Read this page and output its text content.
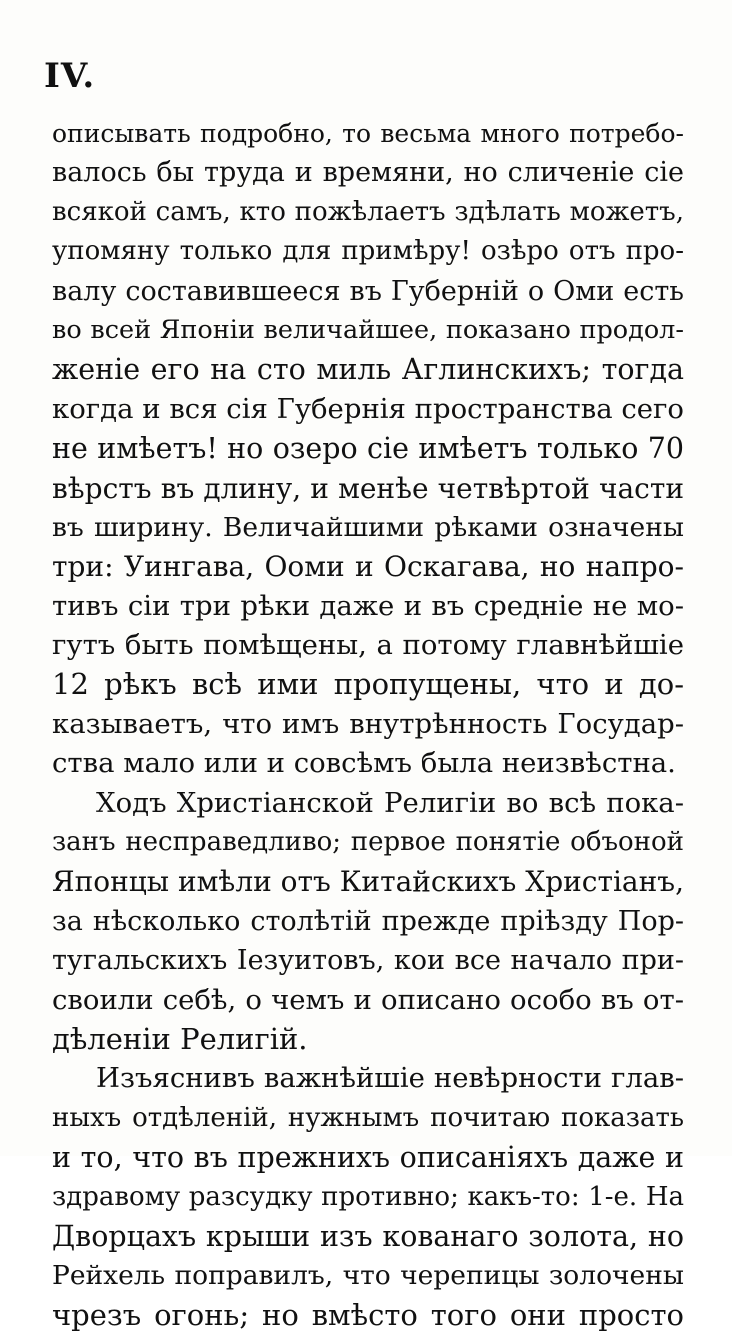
IV.
описывать подробно, то весьма много потребо-
валось бы труда и времяни, но сличеніе сіе
всякой самъ, кто пожѣлаетъ здѣлать можетъ,
упомяну только для примѣру! озѣро отъ про-
валу составившееся въ Губерній о Оми есть
во всей Японіи величайшее, показано продол-
женіе его на сто миль Аглинскихъ; тогда
когда и вся сія Губернія пространства сего
не имѣетъ! но озеро сіе имѣетъ только 70
вѣрстъ въ длину, и менѣе четвѣртой части
въ ширину. Величайшими рѣками означены
три: Уингава, Ооми и Оскагава, но напро-
тивъ сіи три рѣки даже и въ средніе не мо-
гутъ быть помѣщены, а потому главнѣйшіе
12 рѣкъ всѣ ими пропущены, что и до-
казываетъ, что имъ внутрѣнность Государ-
ства мало или и совсѣмъ была неизвѣстна.
Ходъ Христіанской Религіи во всѣ пока-
занъ несправедливо; первое понятіе объоной
Японцы имѣли отъ Китайскихъ Христіанъ,
за нѣсколько столѣтій прежде пріѣзду Пор-
тугальскихъ Іезуитовъ, кои все начало при-
своили себѣ, о чемъ и описано особо въ от-
дѣленіи Религій.
Изъяснивъ важнѣйшіе невѣрности глав-
ныхъ отдѣленій, нужнымъ почитаю показать
и то, что въ прежнихъ описаніяхъ даже и
здравому разсудку противно; какъ-то: 1-е. На
Дворцахъ крыши изъ кованаго золота, но
Рейхель поправилъ, что черепицы золочены
чрезъ огонь; но вмѣсто того они просто
